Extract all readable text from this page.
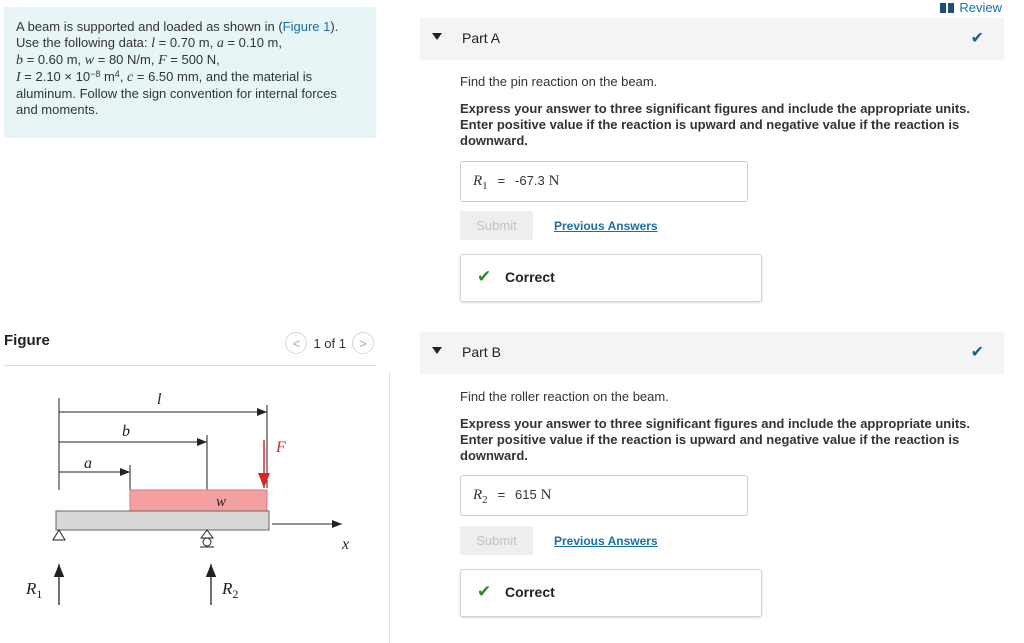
A beam is supported and loaded as shown in (Figure 1).
Use the following data: l = 0.70 m, a = 0.10 m,
b = 0.60 m, w = 80 N/m, F = 500 N,
$I = 2.10 \times 10^{-8}$ $m^4$, c = 6.50 mm, and the material is
aluminum. Follow the sign convention for internal forces
and moments.
Figure	<	1 of 1	>
l
b
a
w
F
x
$R_1$	$R_2$
Review
Part A	✔
Find the pin reaction on the beam.
Express your answer to three significant figures and include the appropriate units. Enter positive value if the reaction is upward and negative value if the reaction is downward.
$R_1 = -67.3$ N
Submit	Previous Answers
✔ Correct
Part B	✔
Find the roller reaction on the beam.
Express your answer to three significant figures and include the appropriate units. Enter positive value if the reaction is upward and negative value if the reaction is downward.
$R_2 = 615$ N
Submit	Previous Answers
✔ Correct
